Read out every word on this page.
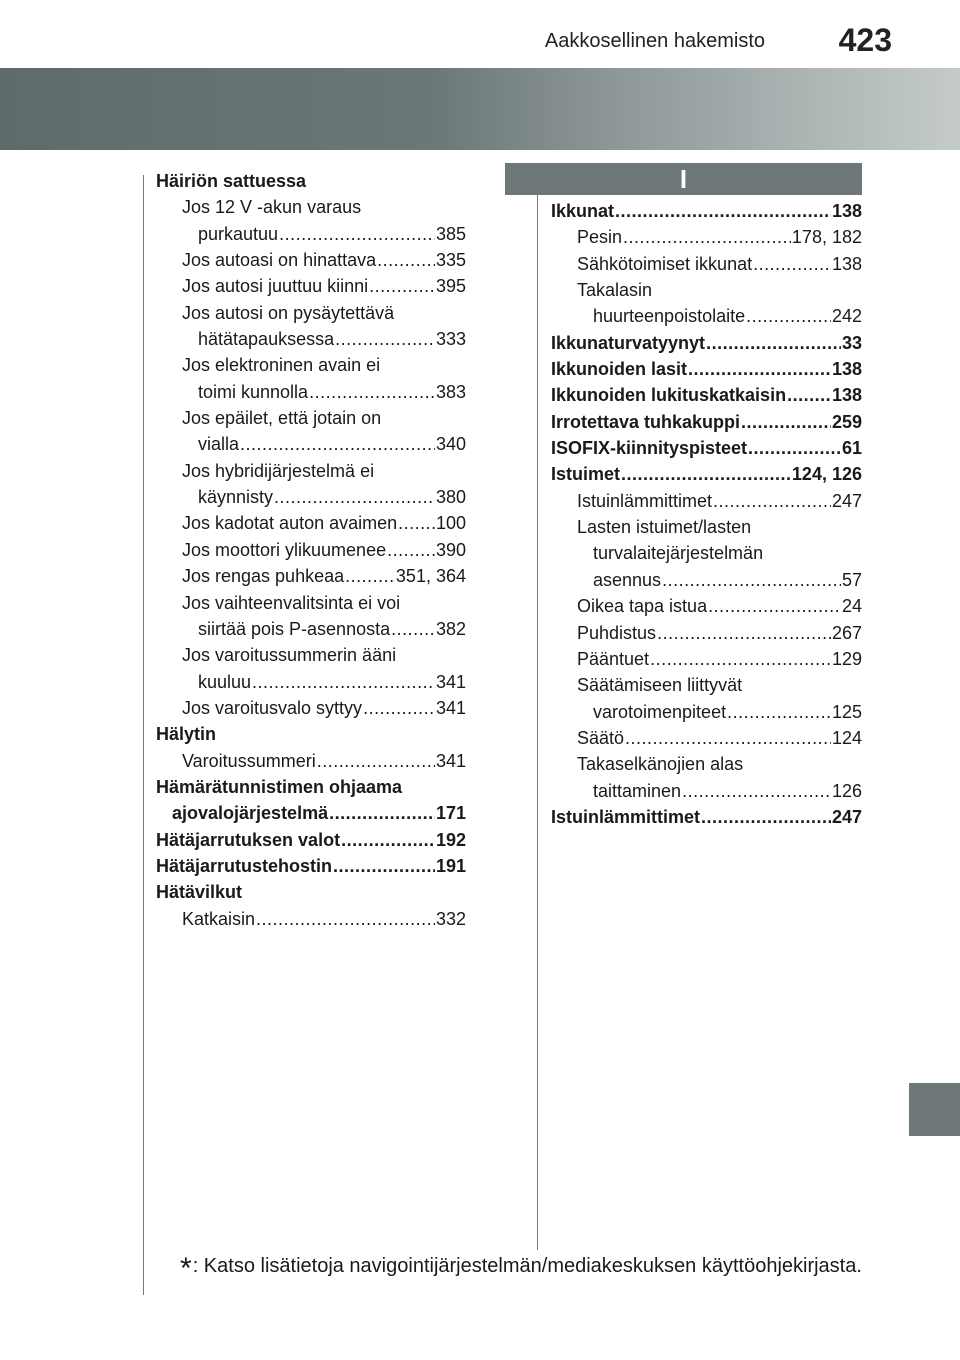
Aakkosellinen hakemisto 423
I
Häiriön sattuessa
Jos 12 V -akun varaus
purkautuu .....	385
Jos autoasi on hinattava .....	335
Jos autosi juuttuu kiinni .....	395
Jos autosi on pysäytettävä
hätätapauksessa .....	333
Jos elektroninen avain ei
toimi kunnolla .....	383
Jos epäilet, että jotain on
vialla .....	340
Jos hybridijärjestelmä ei
käynnisty .....	380
Jos kadotat auton avaimen ..... 100
Jos moottori ylikuumenee .....	390
Jos rengas puhkeaa .....	351, 364
Jos vaihteenvalitsinta ei voi
siirtää pois P-asennosta .....	382
Jos varoitussummerin ääni
kuuluu .....	341
Jos varoitusvalo syttyy .....	341
Hälytin
Varoitussummeri .....	341
Hämärätunnistimen ohjaama
ajovalojärjestelmä .....	171
Hätäjarrutuksen valot .....	192
Hätäjarrutustehostin .....	191
Hätävilkut
Katkaisin .....	332
Ikkunat .....	138
Pesin .....	178, 182
Sähkötoimiset ikkunat .....	138
Takalasin
huurteenpoistolaite .....	242
Ikkunaturvatyynyt .....	33
Ikkunoiden lasit .....	138
Ikkunoiden lukituskatkaisin .....	138
Irrotettava tuhkakuppi .....	259
ISOFIX-kiinnityspisteet .....	61
Istuimet .....	124, 126
Istuinlämmittimet .....	247
Lasten istuimet/lasten
turvalaitejärjestelmän
asennus .....	57
Oikea tapa istua .....	24
Puhdistus .....	267
Pääntuet .....	129
Säätämiseen liittyvät
varotoimenpiteet .....	125
Säätö .....	124
Takaselkänojien alas
taittaminen .....	126
Istuinlämmittimet .....	247
*: Katso lisätietoja navigointijärjestelmän/mediakeskuksen käyttöohjekirjasta.
